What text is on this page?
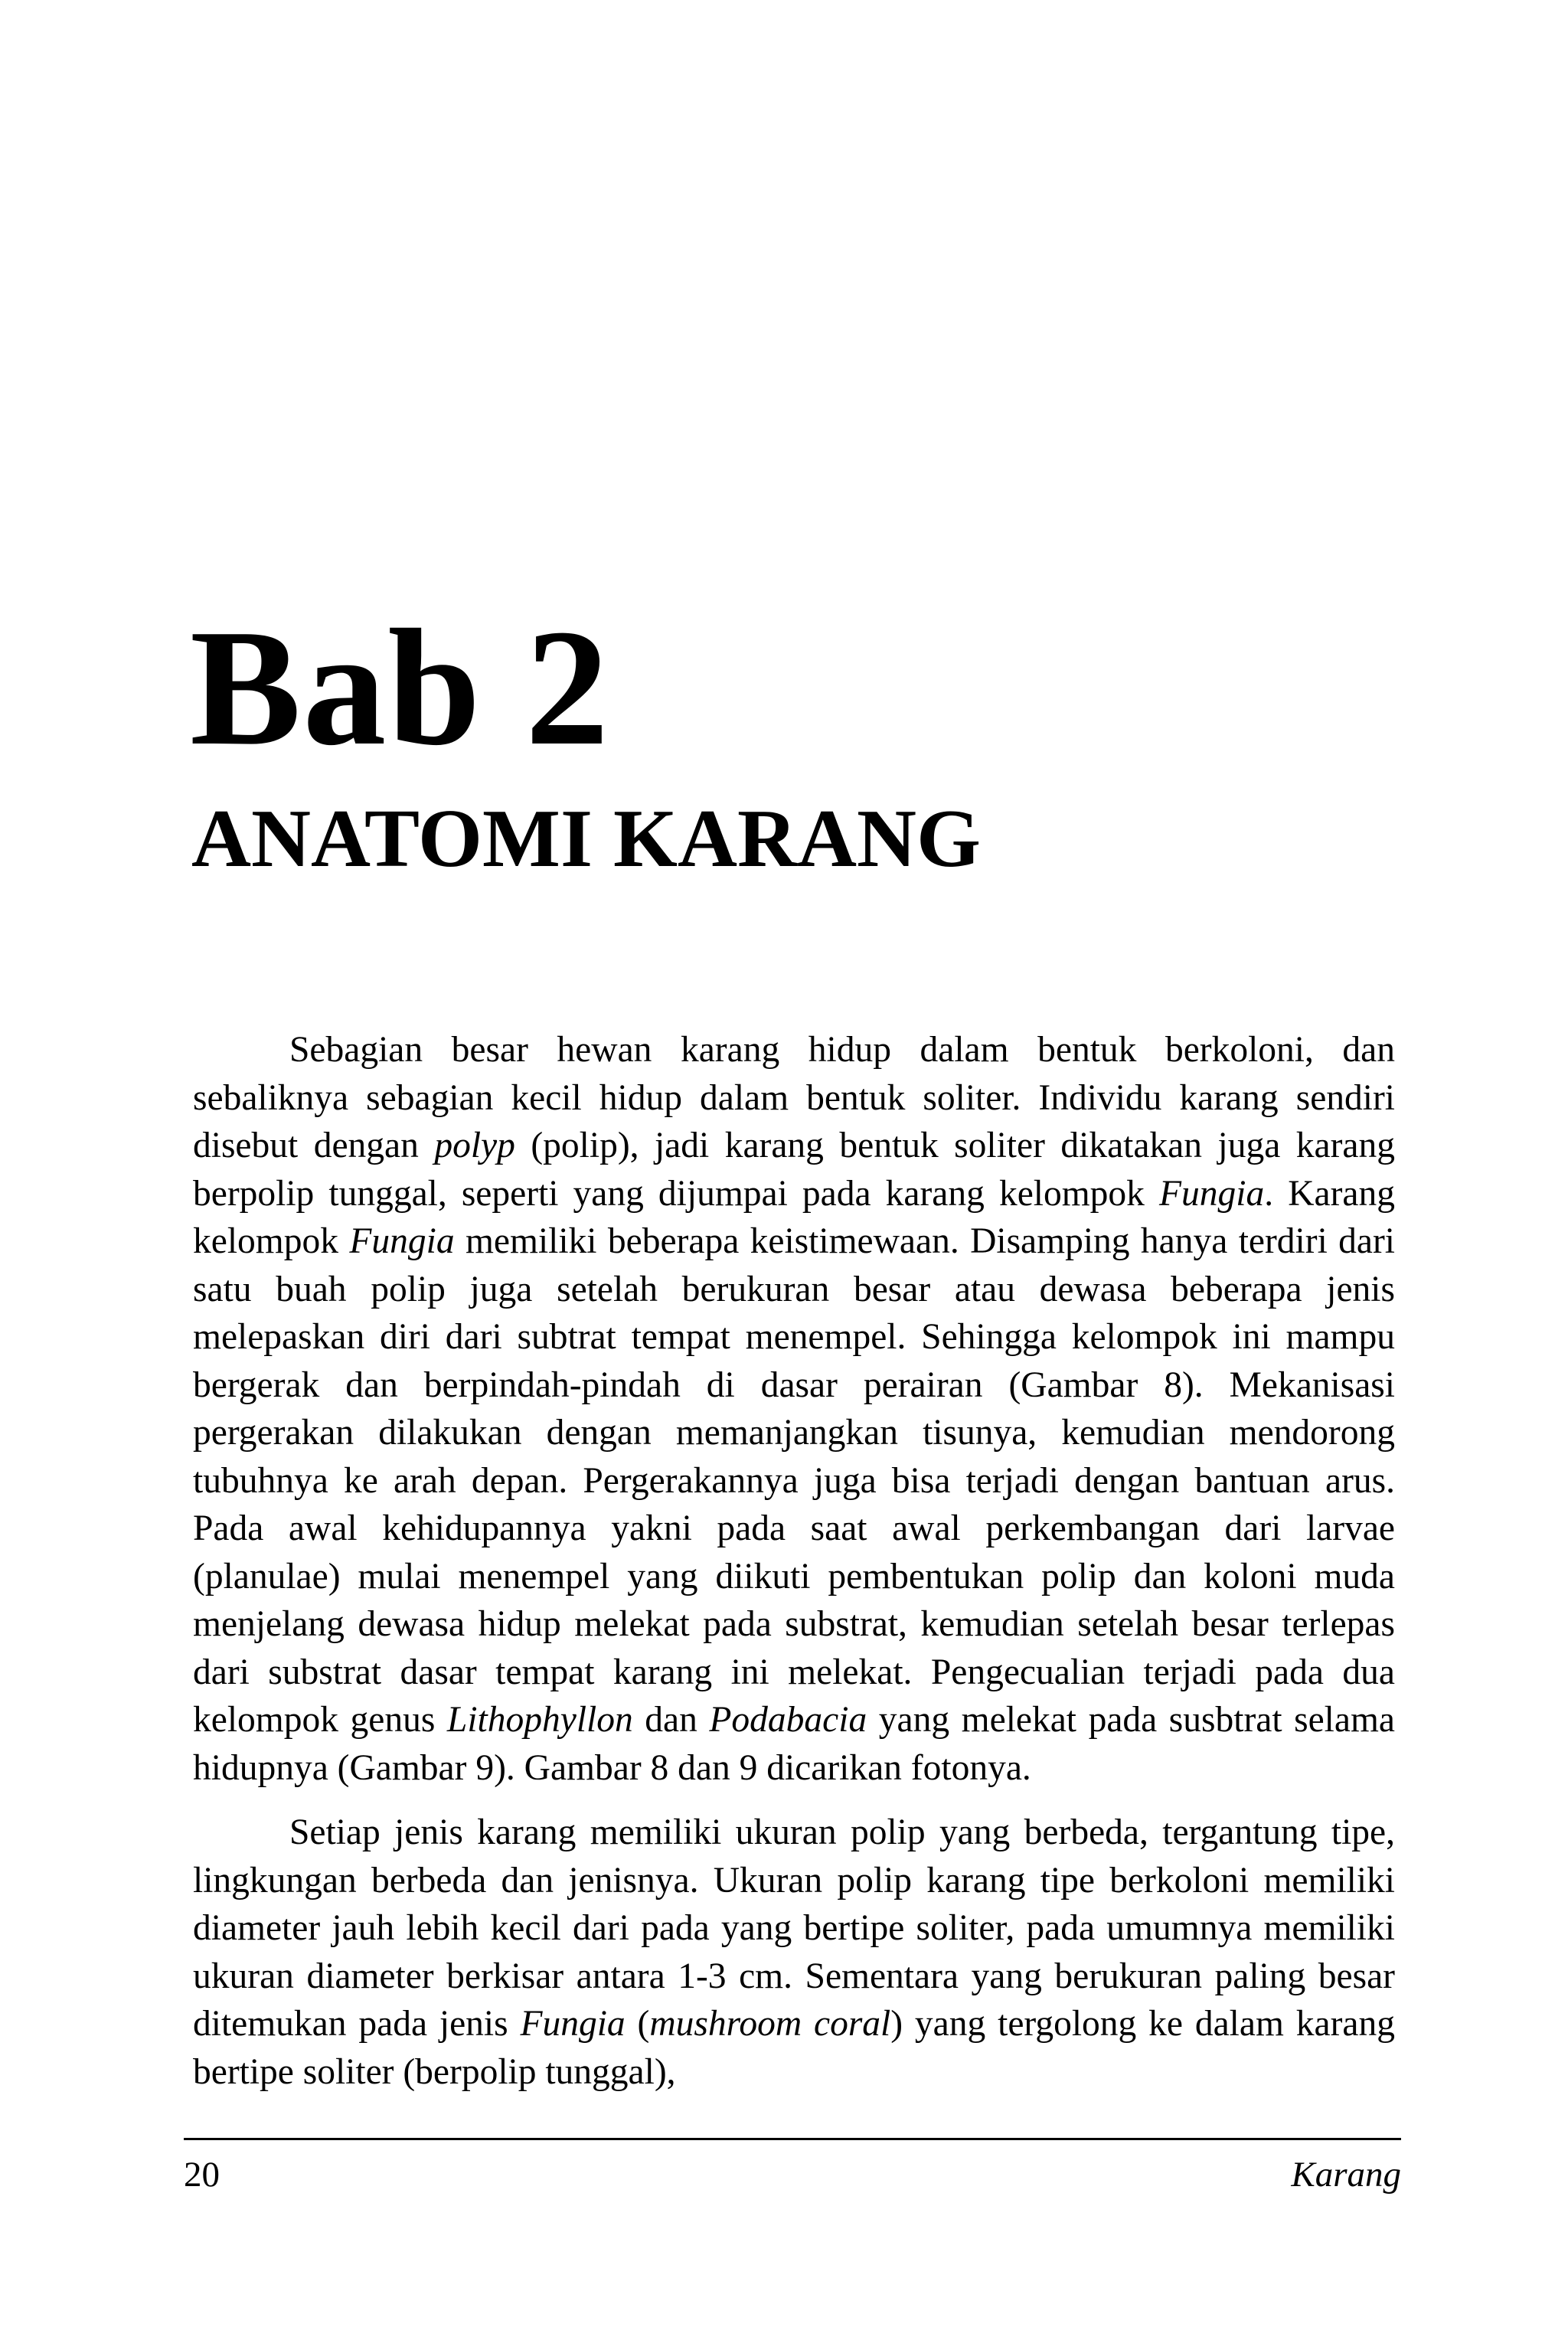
Bab 2
ANATOMI KARANG

Sebagian besar hewan karang hidup dalam bentuk berkoloni, dan sebaliknya sebagian kecil hidup dalam bentuk soliter. Individu karang sendiri disebut dengan polyp (polip), jadi karang bentuk soliter dikatakan juga karang berpolip tunggal, seperti yang dijumpai pada karang kelompok Fungia. Karang kelompok Fungia memiliki beberapa keistimewaan. Disamping hanya terdiri dari satu buah polip juga setelah berukuran besar atau dewasa beberapa jenis melepaskan diri dari subtrat tempat menempel. Sehingga kelompok ini mampu bergerak dan berpindah-pindah di dasar perairan (Gambar 8). Mekanisasi pergerakan dilakukan dengan memanjangkan tisunya, kemudian mendorong tubuhnya ke arah depan. Pergerakannya juga bisa terjadi dengan bantuan arus. Pada awal kehidupannya yakni pada saat awal perkembangan dari larvae (planulae) mulai menempel yang diikuti pembentukan polip dan koloni muda menjelang dewasa hidup melekat pada substrat, kemudian setelah besar terlepas dari substrat dasar tempat karang ini melekat. Pengecualian terjadi pada dua kelompok genus Lithophyllon dan Podabacia yang melekat pada susbtrat selama hidupnya (Gambar 9). Gambar 8 dan 9 dicarikan fotonya.

Setiap jenis karang memiliki ukuran polip yang berbeda, tergantung tipe, lingkungan berbeda dan jenisnya. Ukuran polip karang tipe berkoloni memiliki diameter jauh lebih kecil dari pada yang bertipe soliter, pada umumnya memiliki ukuran diameter berkisar antara 1-3 cm. Sementara yang berukuran paling besar ditemukan pada jenis Fungia (mushroom coral) yang tergolong ke dalam karang bertipe soliter (berpolip tunggal),

20	Karang
